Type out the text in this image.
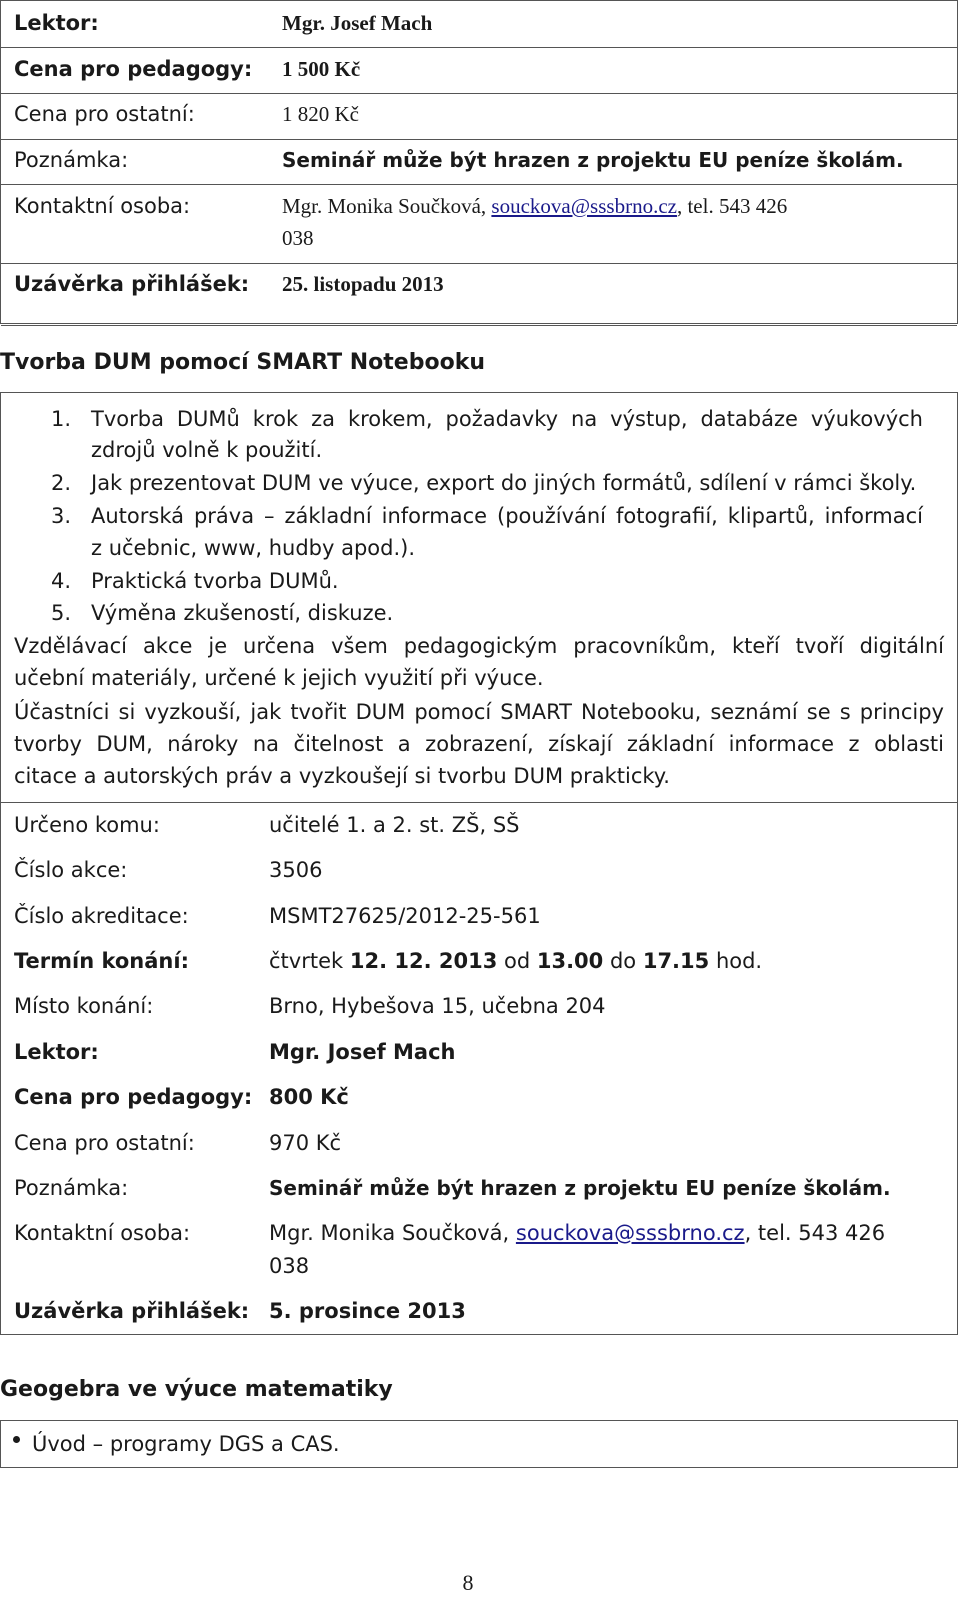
Lektor:	Mgr. Josef Mach
Cena pro pedagogy: 1 500 Kč
Cena pro ostatní:	1 820 Kč
Poznámka:	Seminář může být hrazen z projektu EU peníze školám.
Kontaktní osoba:	Mgr. Monika Součková, souckova@sssbrno.cz, tel. 543 426
038
Uzávěrka přihlášek: 25. listopadu 2013
Tvorba DUM pomocí SMART Notebooku
1. Tvorba DUMů krok za krokem, požadavky na výstup, databáze výukových
zdrojů volně k použití.
2. Jak prezentovat DUM ve výuce, export do jiných formátů, sdílení v rámci školy.
3. Autorská práva – základní informace (používání fotografií, klipartů, informací
z učebnic, www, hudby apod.).
4. Praktická tvorba DUMů.
5. Výměna zkušeností, diskuze.
Vzdělávací akce je určena všem pedagogickým pracovníkům, kteří tvoří digitální
učební materiály, určené k jejich využití při výuce.
Účastníci si vyzkouší, jak tvořit DUM pomocí SMART Notebooku, seznámí se s principy
tvorby DUM, nároky na čitelnost a zobrazení, získají základní informace z oblasti
citace a autorských práv a vyzkoušejí si tvorbu DUM prakticky.
Určeno komu:	učitelé 1. a 2. st. ZŠ, SŠ
Číslo akce:	3506
Číslo akreditace:	MSMT27625/2012-25-561
Termín konání:	čtvrtek 12. 12. 2013 od 13.00 do 17.15 hod.
Místo konání:	Brno, Hybešova 15, učebna 204
Lektor:	Mgr. Josef Mach
Cena pro pedagogy: 800 Kč
Cena pro ostatní:	970 Kč
Poznámka:	Seminář může být hrazen z projektu EU peníze školám.
Kontaktní osoba:	Mgr. Monika Součková, souckova@sssbrno.cz, tel. 543 426
038
Uzávěrka přihlášek: 5. prosince 2013
Geogebra ve výuce matematiky
Úvod – programy DGS a CAS.
8
